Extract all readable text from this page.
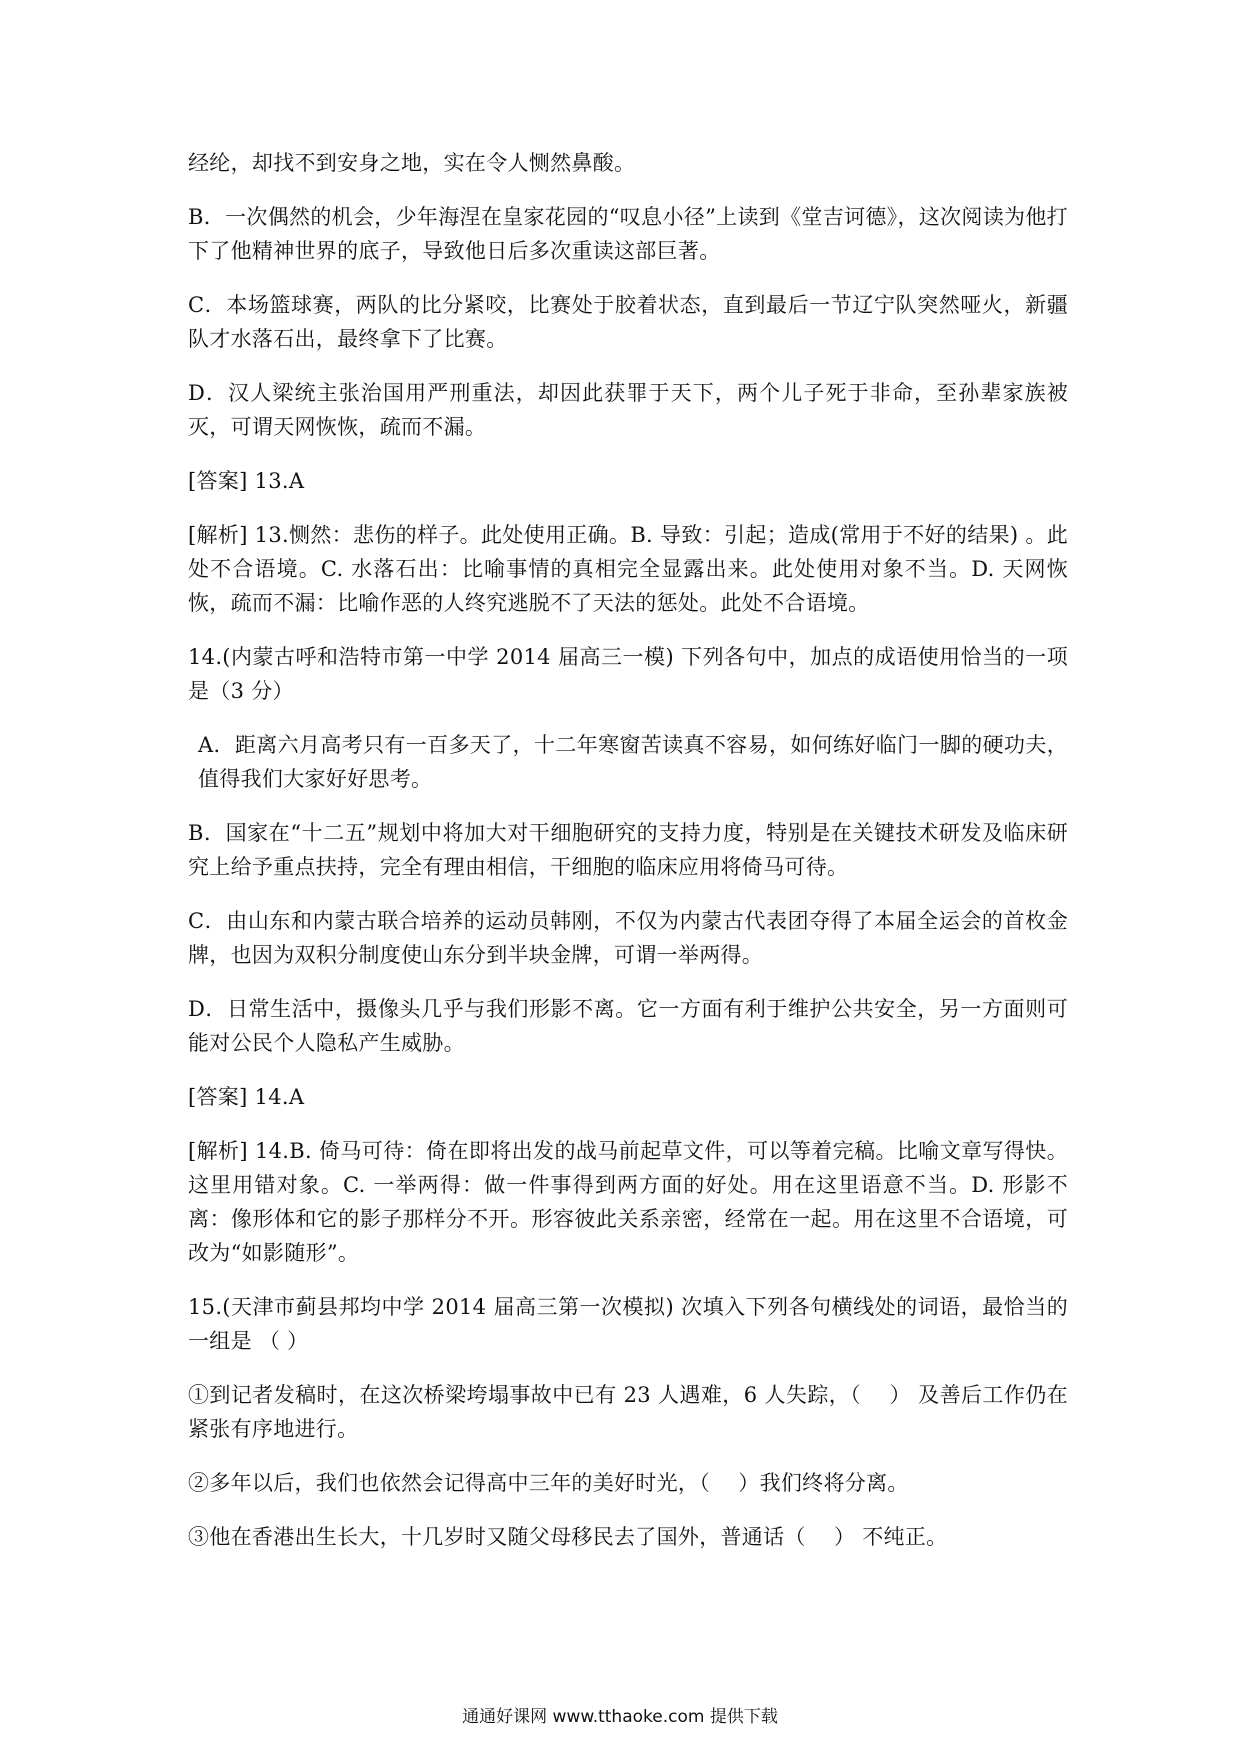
经纶，却找不到安身之地，实在令人恻然鼻酸。

B．一次偶然的机会，少年海涅在皇家花园的“叹息小径”上读到《堂吉诃德》，这次阅读为他打下了他精神世界的底子，导致他日后多次重读这部巨著。

C．本场篮球赛，两队的比分紧咬，比赛处于胶着状态，直到最后一节辽宁队突然哑火，新疆队才水落石出，最终拿下了比赛。

D．汉人梁统主张治国用严刑重法，却因此获罪于天下，两个儿子死于非命，至孙辈家族被灭，可谓天网恢恢，疏而不漏。

[答案] 13.A

[解析] 13.恻然：悲伤的样子。此处使用正确。B. 导致：引起；造成(常用于不好的结果) 。此处不合语境。C. 水落石出：比喻事情的真相完全显露出来。此处使用对象不当。D. 天网恢恢，疏而不漏：比喻作恶的人终究逃脱不了天法的惩处。此处不合语境。

14.(内蒙古呼和浩特市第一中学 2014 届高三一模) 下列各句中，加点的成语使用恰当的一项是（3 分）

A．距离六月高考只有一百多天了，十二年寒窗苦读真不容易，如何练好临门一脚的硬功夫，值得我们大家好好思考。

B．国家在“十二五”规划中将加大对干细胞研究的支持力度，特别是在关键技术研发及临床研究上给予重点扶持，完全有理由相信，干细胞的临床应用将倚马可待。

C．由山东和内蒙古联合培养的运动员韩刚，不仅为内蒙古代表团夺得了本届全运会的首枚金牌，也因为双积分制度使山东分到半块金牌，可谓一举两得。

D．日常生活中，摄像头几乎与我们形影不离。它一方面有利于维护公共安全，另一方面则可能对公民个人隐私产生威胁。

[答案] 14.A

[解析] 14.B. 倚马可待：倚在即将出发的战马前起草文件，可以等着完稿。比喻文章写得快。这里用错对象。C. 一举两得：做一件事得到两方面的好处。用在这里语意不当。D. 形影不离：像形体和它的影子那样分不开。形容彼此关系亲密，经常在一起。用在这里不合语境，可改为“如影随形”。

15.(天津市蓟县邦均中学 2014 届高三第一次模拟) 次填入下列各句横线处的词语，最恰当的一组是 （ ）

①到记者发稿时，在这次桥梁垮塌事故中已有 23 人遇难，6 人失踪，（　 ） 及善后工作仍在紧张有序地进行。

②多年以后，我们也依然会记得高中三年的美好时光，（　 ）我们终将分离。

③他在香港出生长大，十几岁时又随父母移民去了国外，普通话（　 ） 不纯正。

通通好课网 www.tthaoke.com 提供下载
